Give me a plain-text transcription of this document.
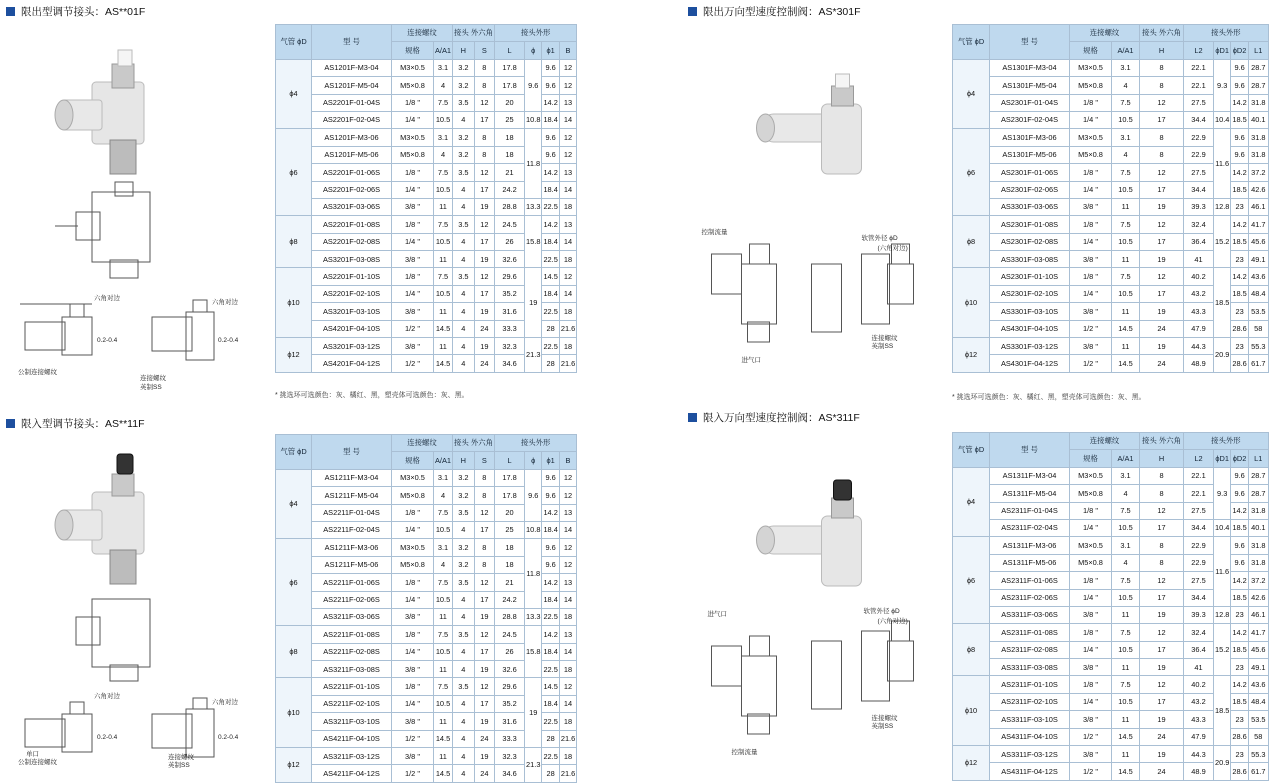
限出型调节接头：AS**01F
六角对边
0.2-0.4
公制连接螺纹
六角对边
0.2-0.4
连接螺纹
英制SS
气管 ϕD	型 号	连接螺纹		接头 外六角		接头外形			
		规格	A/A1	H	S	L	ϕ	ϕ1	B
ϕ4	AS1201F-M3-04	M3×0.5	3.1	3.2	8	17.8	9.6	9.6	12
	AS1201F-M5-04	M5×0.8	4	3.2	8	17.8		9.6	12
	AS2201F-01-04S	1/8 "	7.5	3.5	12	20		14.2	13
	AS2201F-02-04S	1/4 "	10.5	4	17	25	10.8	18.4	14
ϕ6	AS1201F-M3-06	M3×0.5	3.1	3.2	8	18	11.8	9.6	12
	AS1201F-M5-06	M5×0.8	4	3.2	8	18		9.6	12
	AS2201F-01-06S	1/8 "	7.5	3.5	12	21		14.2	13
	AS2201F-02-06S	1/4 "	10.5	4	17	24.2		18.4	14
	AS3201F-03-06S	3/8 "	11	4	19	28.8	13.3	22.5	18
ϕ8	AS2201F-01-08S	1/8 "	7.5	3.5	12	24.5	15.8	14.2	13
	AS2201F-02-08S	1/4 "	10.5	4	17	26		18.4	14
	AS3201F-03-08S	3/8 "	11	4	19	32.6		22.5	18
ϕ10	AS2201F-01-10S	1/8 "	7.5	3.5	12	29.6	19	14.5	12
	AS2201F-02-10S	1/4 "	10.5	4	17	35.2		18.4	14
	AS3201F-03-10S	3/8 "	11	4	19	31.6		22.5	18
	AS4201F-04-10S	1/2 "	14.5	4	24	33.3		28	21.6
ϕ12	AS3201F-03-12S	3/8 "	11	4	19	32.3	21.3	22.5	18
	AS4201F-04-12S	1/2 "	14.5	4	24	34.6		28	21.6
* 挑选环可选颜色：灰、橘红、黑，塑壳体可选颜色：灰、黑。
限入型调节接头：AS**11F
六角对边
0.2-0.4
公制连接螺纹
单口
六角对边
0.2-0.4
连接螺纹
英制SS
气管 ϕD	型 号	连接螺纹		接头 外六角		接头外形			
		规格	A/A1	H	S	L	ϕ	ϕ1	B
ϕ4	AS1211F-M3-04	M3×0.5	3.1	3.2	8	17.8	9.6	9.6	12
	AS1211F-M5-04	M5×0.8	4	3.2	8	17.8		9.6	12
	AS2211F-01-04S	1/8 "	7.5	3.5	12	20		14.2	13
	AS2211F-02-04S	1/4 "	10.5	4	17	25	10.8	18.4	14
ϕ6	AS1211F-M3-06	M3×0.5	3.1	3.2	8	18	11.8	9.6	12
	AS1211F-M5-06	M5×0.8	4	3.2	8	18		9.6	12
	AS2211F-01-06S	1/8 "	7.5	3.5	12	21		14.2	13
	AS2211F-02-06S	1/4 "	10.5	4	17	24.2		18.4	14
	AS3211F-03-06S	3/8 "	11	4	19	28.8	13.3	22.5	18
ϕ8	AS2211F-01-08S	1/8 "	7.5	3.5	12	24.5	15.8	14.2	13
	AS2211F-02-08S	1/4 "	10.5	4	17	26		18.4	14
	AS3211F-03-08S	3/8 "	11	4	19	32.6		22.5	18
ϕ10	AS2211F-01-10S	1/8 "	7.5	3.5	12	29.6	19	14.5	12
	AS2211F-02-10S	1/4 "	10.5	4	17	35.2		18.4	14
	AS3211F-03-10S	3/8 "	11	4	19	31.6		22.5	18
	AS4211F-04-10S	1/2 "	14.5	4	24	33.3		28	21.6
ϕ12	AS3211F-03-12S	3/8 "	11	4	19	32.3	21.3	22.5	18
	AS4211F-04-12S	1/2 "	14.5	4	24	34.6		28	21.6
限出万向型速度控制阀：AS*301F
控制流量
进气口
软管外径 ϕD
(六角对边)
连接螺纹
英制SS
气管 ϕD	型 号	连接螺纹		接头 外六角	接头外形			
		规格	A/A1	H	L2	ϕD1	ϕD2	L1
ϕ4	AS1301F-M3-04	M3×0.5	3.1	8	22.1	9.3	9.6	28.7
	AS1301F-M5-04	M5×0.8	4	8	22.1		9.6	28.7
	AS2301F-01-04S	1/8 "	7.5	12	27.5		14.2	31.8
	AS2301F-02-04S	1/4 "	10.5	17	34.4	10.4	18.5	40.1
ϕ6	AS1301F-M3-06	M3×0.5	3.1	8	22.9	11.6	9.6	31.8
	AS1301F-M5-06	M5×0.8	4	8	22.9		9.6	31.8
	AS2301F-01-06S	1/8 "	7.5	12	27.5		14.2	37.2
	AS2301F-02-06S	1/4 "	10.5	17	34.4		18.5	42.6
	AS3301F-03-06S	3/8 "	11	19	39.3	12.8	23	46.1
ϕ8	AS2301F-01-08S	1/8 "	7.5	12	32.4	15.2	14.2	41.7
	AS2301F-02-08S	1/4 "	10.5	17	36.4		18.5	45.6
	AS3301F-03-08S	3/8 "	11	19	41		23	49.1
ϕ10	AS2301F-01-10S	1/8 "	7.5	12	40.2	18.5	14.2	43.6
	AS2301F-02-10S	1/4 "	10.5	17	43.2		18.5	48.4
	AS3301F-03-10S	3/8 "	11	19	43.3		23	53.5
	AS4301F-04-10S	1/2 "	14.5	24	47.9		28.6	58
ϕ12	AS3301F-03-12S	3/8 "	11	19	44.3	20.9	23	55.3
	AS4301F-04-12S	1/2 "	14.5	24	48.9		28.6	61.7
* 挑选环可选颜色：灰、橘红、黑，塑壳体可选颜色：灰、黑。
限入万向型速度控制阀：AS*311F
进气口
控制流量
软管外径 ϕD
(六角对边)
连接螺纹
英制SS
气管 ϕD	型 号	连接螺纹		接头 外六角	接头外形			
		规格	A/A1	H	L2	ϕD1	ϕD2	L1
ϕ4	AS1311F-M3-04	M3×0.5	3.1	8	22.1	9.3	9.6	28.7
	AS1311F-M5-04	M5×0.8	4	8	22.1		9.6	28.7
	AS2311F-01-04S	1/8 "	7.5	12	27.5		14.2	31.8
	AS2311F-02-04S	1/4 "	10.5	17	34.4	10.4	18.5	40.1
ϕ6	AS1311F-M3-06	M3×0.5	3.1	8	22.9	11.6	9.6	31.8
	AS1311F-M5-06	M5×0.8	4	8	22.9		9.6	31.8
	AS2311F-01-06S	1/8 "	7.5	12	27.5		14.2	37.2
	AS2311F-02-06S	1/4 "	10.5	17	34.4		18.5	42.6
	AS3311F-03-06S	3/8 "	11	19	39.3	12.8	23	46.1
ϕ8	AS2311F-01-08S	1/8 "	7.5	12	32.4	15.2	14.2	41.7
	AS2311F-02-08S	1/4 "	10.5	17	36.4		18.5	45.6
	AS3311F-03-08S	3/8 "	11	19	41		23	49.1
ϕ10	AS2311F-01-10S	1/8 "	7.5	12	40.2	18.5	14.2	43.6
	AS2311F-02-10S	1/4 "	10.5	17	43.2		18.5	48.4
	AS3311F-03-10S	3/8 "	11	19	43.3		23	53.5
	AS4311F-04-10S	1/2 "	14.5	24	47.9		28.6	58
ϕ12	AS3311F-03-12S	3/8 "	11	19	44.3	20.9	23	55.3
	AS4311F-04-12S	1/2 "	14.5	24	48.9		28.6	61.7
